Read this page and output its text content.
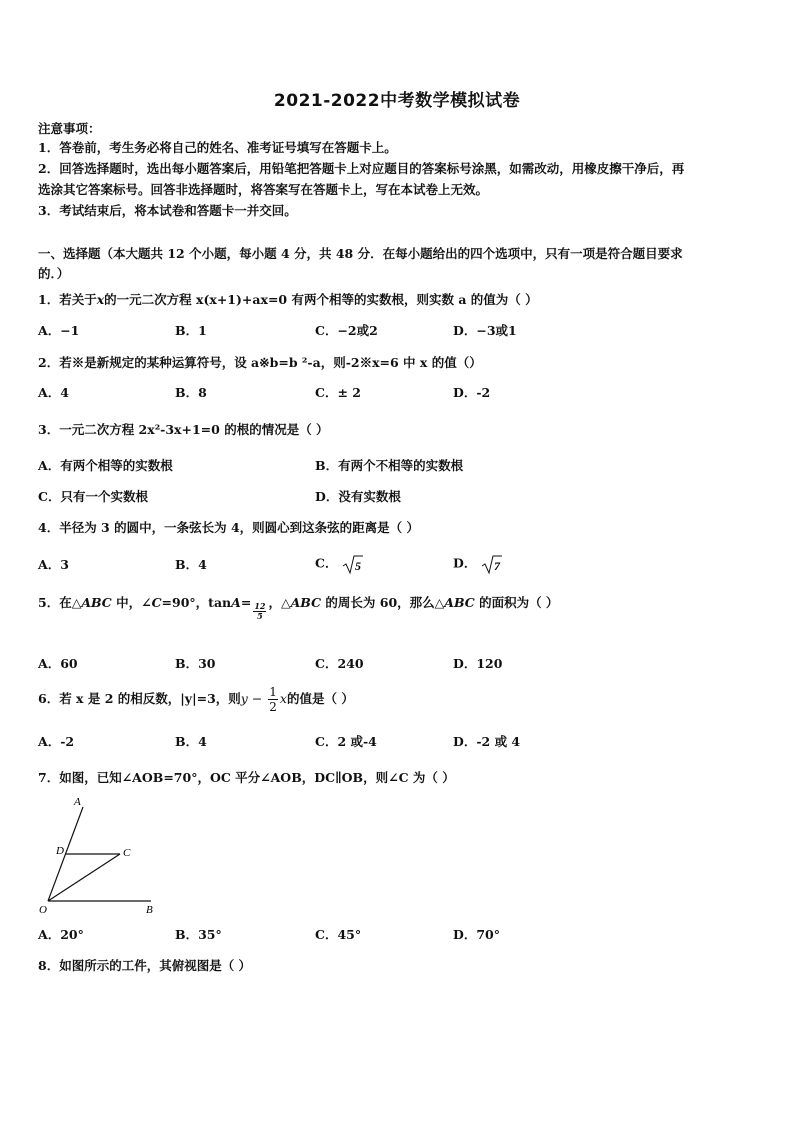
2021-2022中考数学模拟试卷
注意事项：
1．答卷前，考生务必将自己的姓名、准考证号填写在答题卡上。
2．回答选择题时，选出每小题答案后，用铅笔把答题卡上对应题目的答案标号涂黑，如需改动，用橡皮擦干净后，再
选涂其它答案标号。回答非选择题时，将答案写在答题卡上，写在本试卷上无效。
3．考试结束后，将本试卷和答题卡一并交回。
一、选择题（本大题共 12 个小题，每小题 4 分，共 48 分．在每小题给出的四个选项中，只有一项是符合题目要求
的．）
1．若关于x的一元二次方程 x(x+1)+ax=0 有两个相等的实数根，则实数 a 的值为（ ）
A．−1	B．1	C．−2或2	D．−3或1
2．若※是新规定的某种运算符号，设 a※b=b ²-a，则-2※x=6 中 x 的值（）
A．4	B．8	C．± 2	D．-2
3．一元二次方程 2x²-3x+1=0 的根的情况是（ ）
A．有两个相等的实数根	B．有两个不相等的实数根
C．只有一个实数根	D．没有实数根
4．半径为 3 的圆中，一条弦长为 4，则圆心到这条弦的距离是（ ）
A．3	B．4	C． 5	D． 7
5．在△ABC 中，∠C=90°，$\tan A= \frac{12}{5}$ ，△ABC 的周长为 60，那么△ABC 的面积为（ ）
A．60	B．30	C．240	D．120
6．若 x 是 2 的相反数，|y|=3，则$y - \frac{1}{2}$ x的值是（ ）
A．-2	B．4	C．2 或-4	D．-2 或 4
7．如图，已知∠AOB=70°，OC 平分∠AOB，DC∥OB，则∠C 为（ ）
A
D	C
O	B
A．20°	B．35°	C．45°	D．70°
8．如图所示的工件，其俯视图是（ ）
